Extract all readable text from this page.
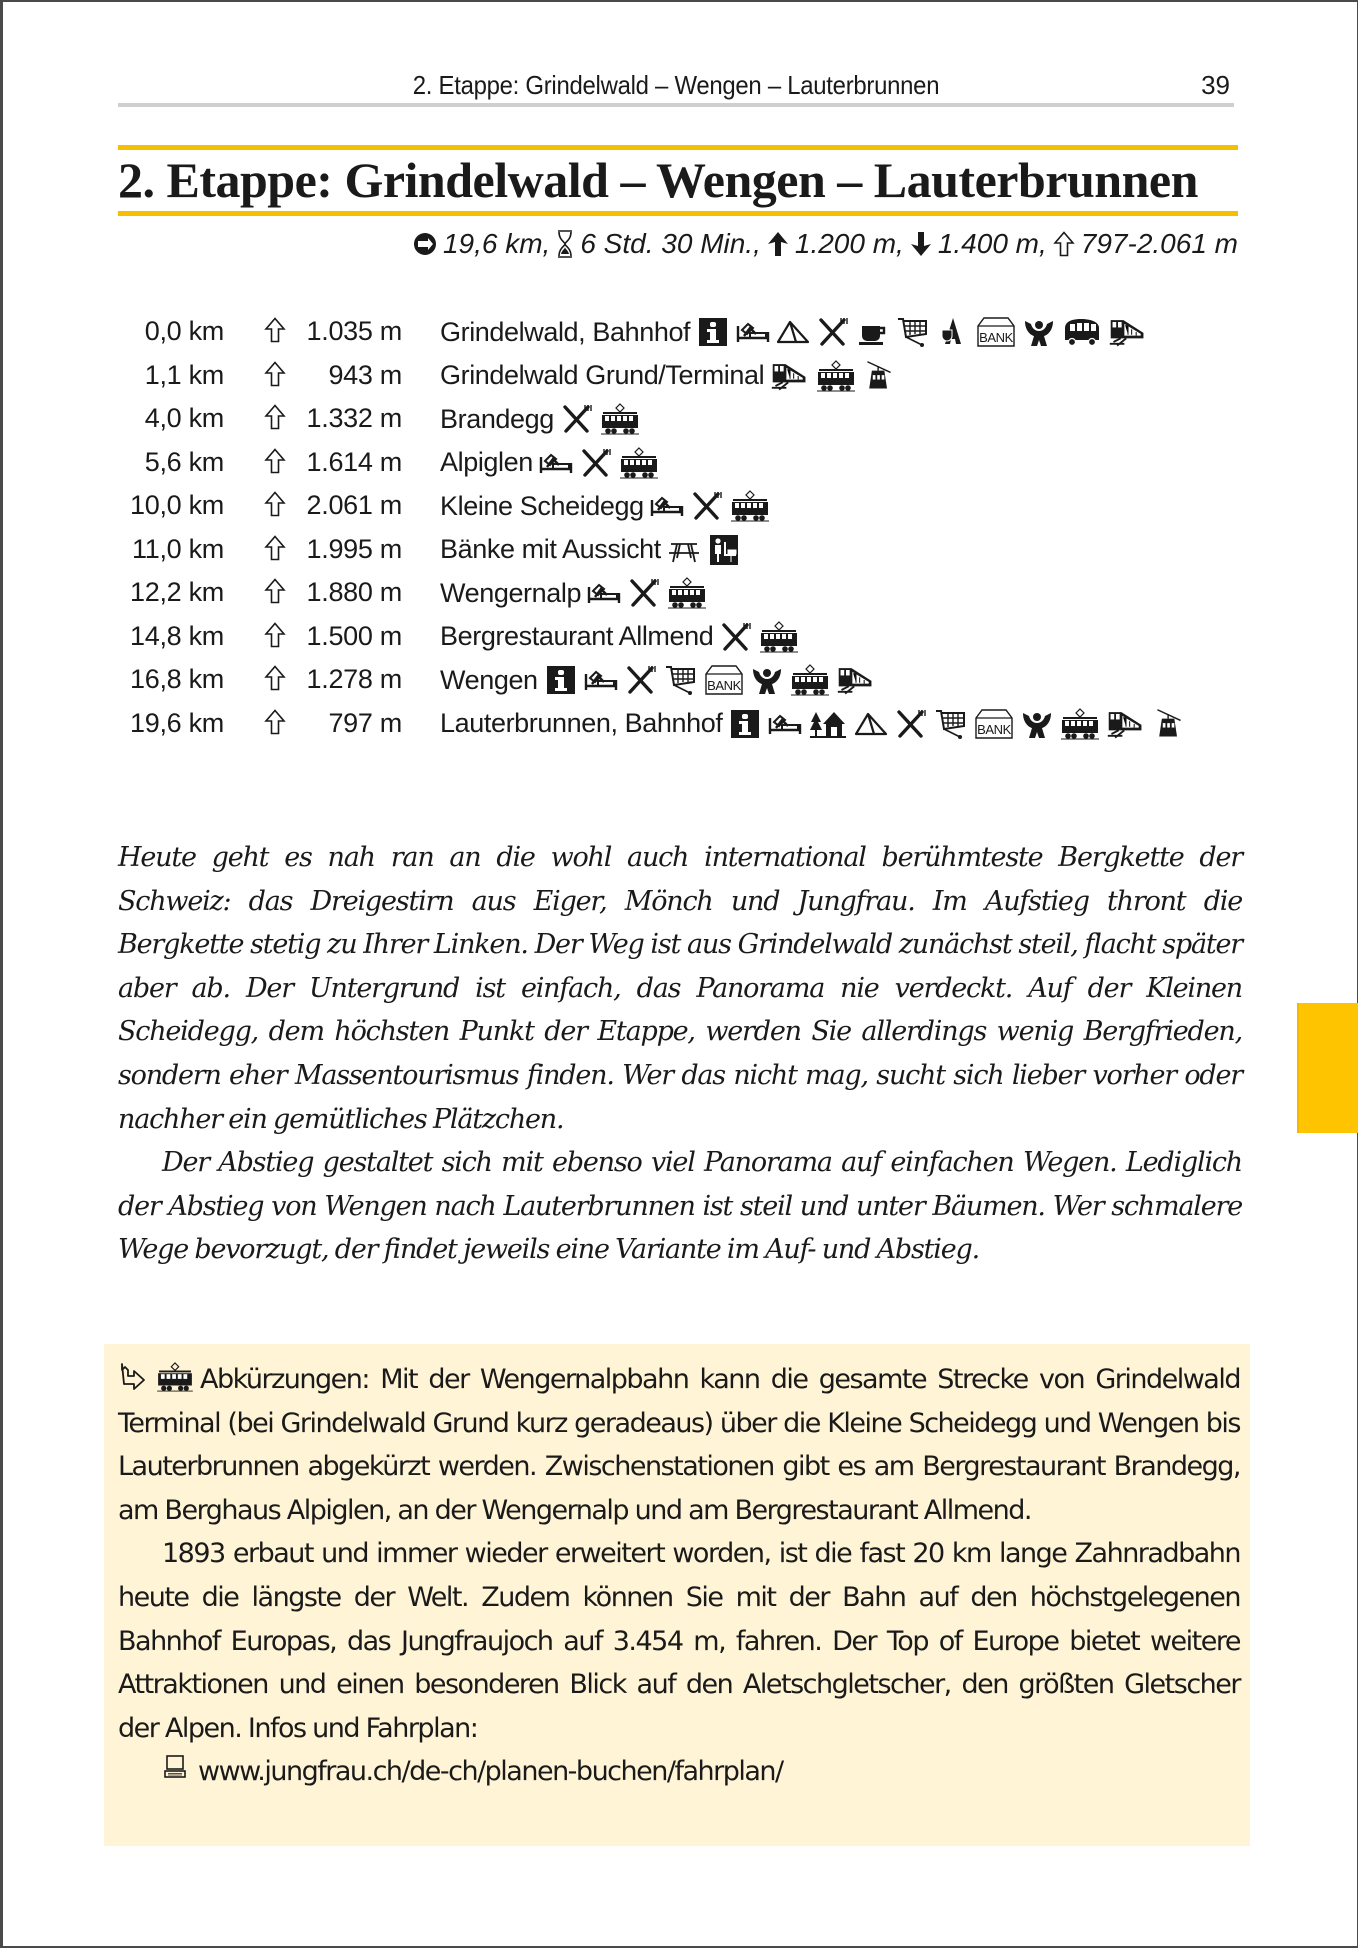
2. Etappe: Grindelwald – Wengen – Lauterbrunnen	39
2. Etappe: Grindelwald – Wengen – Lauterbrunnen
19,6 km, 6 Std. 30 Min., 1.200 m, 1.400 m, 797-2.061 m
0,0 km	1.035 m Grindelwald, Bahnhof	BANK
1,1 km	943 m Grindelwald Grund/Terminal
4,0 km	1.332 m Brandegg
5,6 km	1.614 m Alpiglen
10,0 km	2.061 m Kleine Scheidegg
11,0 km	1.995 m Bänke mit Aussicht
12,2 km	1.880 m Wengernalp
14,8 km	1.500 m Bergrestaurant Allmend
16,8 km	1.278 m Wengen	BANK
19,6 km	797 m Lauterbrunnen, Bahnhof	BANK

Heute geht es nah ran an die wohl auch international berühmteste Bergkette der Schweiz: das Dreigestirn aus Eiger, Mönch und Jungfrau. Im Aufstieg thront die Bergkette stetig zu Ihrer Linken. Der Weg ist aus Grindelwald zunächst steil, flacht später aber ab. Der Untergrund ist einfach, das Panorama nie verdeckt. Auf der Kleinen Scheidegg, dem höchsten Punkt der Etappe, werden Sie allerdings wenig Bergfrieden, sondern eher Massentourismus finden. Wer das nicht mag, sucht sich lieber vorher oder nachher ein gemütliches Plätzchen.

Der Abstieg gestaltet sich mit ebenso viel Panorama auf einfachen Wegen. Lediglich der Abstieg von Wengen nach Lauterbrunnen ist steil und unter Bäumen. Wer schmalere Wege bevorzugt, der findet jeweils eine Variante im Auf- und Abstieg.

Abkürzungen: Mit der Wengernalpbahn kann die gesamte Strecke von Grindelwald Terminal (bei Grindelwald Grund kurz geradeaus) über die Kleine Scheidegg und Wengen bis Lauterbrunnen abgekürzt werden. Zwischenstationen gibt es am Bergrestaurant Brandegg, am Berghaus Alpiglen, an der Wengernalp und am Bergrestaurant Allmend.

1893 erbaut und immer wieder erweitert worden, ist die fast 20 km lange Zahnradbahn heute die längste der Welt. Zudem können Sie mit der Bahn auf den höchstgelegenen Bahnhof Europas, das Jungfraujoch auf 3.454 m, fahren. Der Top of Europe bietet weitere Attraktionen und einen besonderen Blick auf den Aletschgletscher, den größten Gletscher der Alpen. Infos und Fahrplan:

www.jungfrau.ch/de-ch/planen-buchen/fahrplan/
